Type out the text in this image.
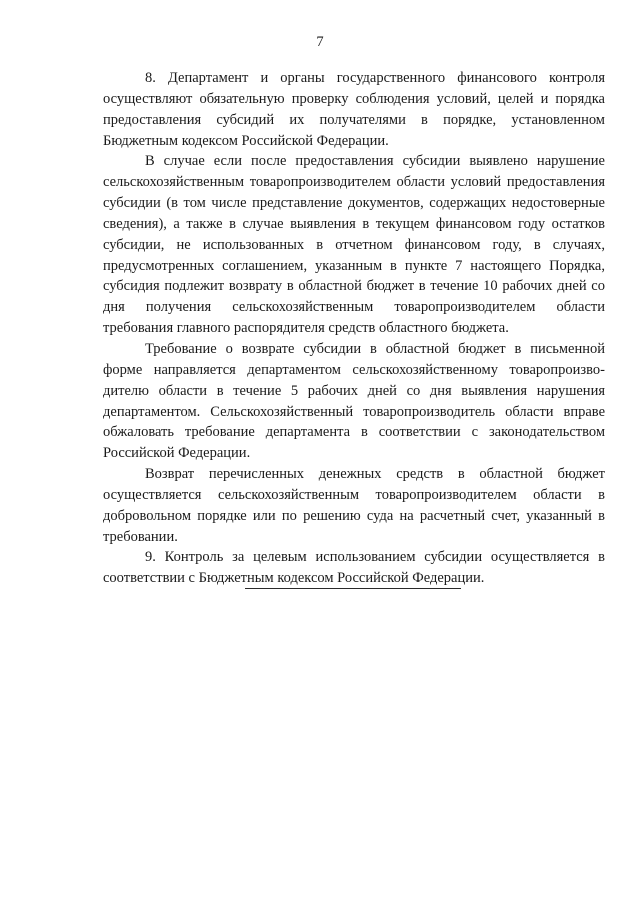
7

8. Департамент и органы государственного финансового контроля осуществляют обязательную проверку соблюдения условий, целей и порядка предоставления субсидий их получателями в порядке, установленном Бюджетным кодексом Российской Федерации.

В случае если после предоставления субсидии выявлено нарушение сельскохозяйственным товаропроизводителем области условий предоставления субсидии (в том числе представление документов, содержащих недостоверные сведения), а также в случае выявления в текущем финансовом году остатков субсидии, не использованных в отчетном финансовом году, в случаях, предусмотренных соглашением, указанным в пункте 7 настоящего Порядка, субсидия подлежит возврату в областной бюджет в течение 10 рабочих дней со дня получения сельскохозяйственным товаропроизводителем области требования главного распорядителя средств областного бюджета.

Требование о возврате субсидии в областной бюджет в письменной форме направляется департаментом сельскохозяйственному товаропроизводителю области в течение 5 рабочих дней со дня выявления нарушения департаментом. Сельскохозяйственный товаропроизводитель области вправе обжаловать требование департамента в соответствии с законодательством Российской Федерации.

Возврат перечисленных денежных средств в областной бюджет осуществляется сельскохозяйственным товаропроизводителем области в добровольном порядке или по решению суда на расчетный счет, указанный в требовании.

9. Контроль за целевым использованием субсидии осуществляется в соответствии с Бюджетным кодексом Российской Федерации.
